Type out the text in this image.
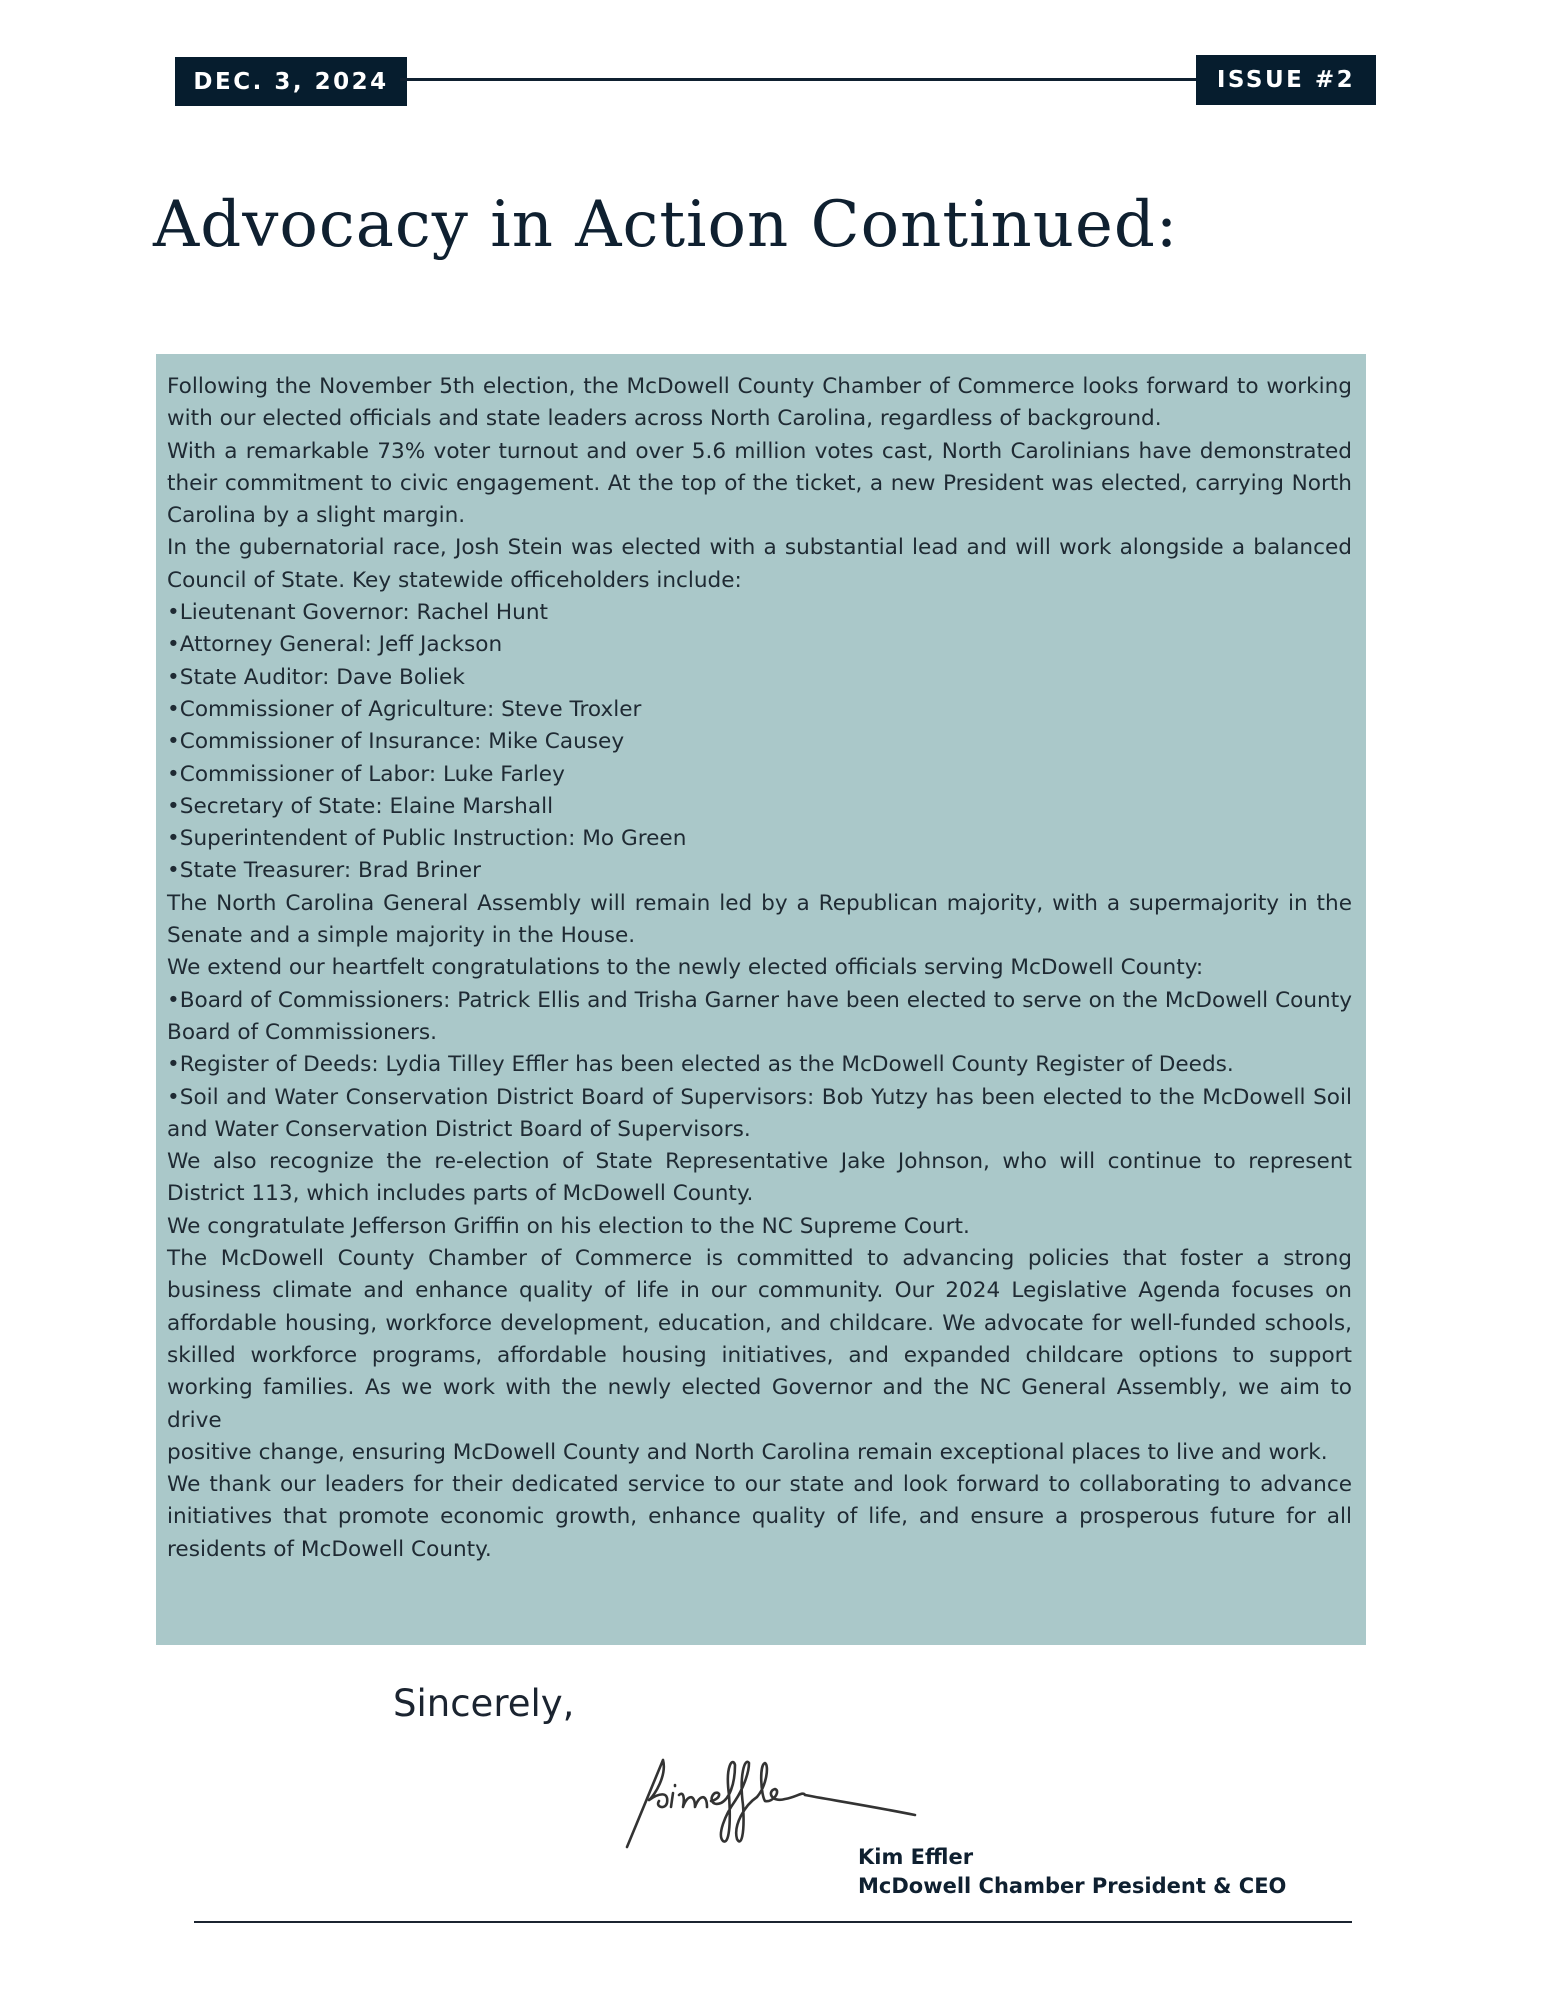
DEC. 3, 2024	ISSUE #2
Advocacy in Action Continued:

Following the November 5th election, the McDowell County Chamber of Commerce looks forward to working with our elected officials and state leaders across North Carolina, regardless of background.

With a remarkable 73% voter turnout and over 5.6 million votes cast, North Carolinians have demonstrated their commitment to civic engagement. At the top of the ticket, a new President was elected, carrying North Carolina by a slight margin.

In the gubernatorial race, Josh Stein was elected with a substantial lead and will work alongside a balanced Council of State. Key statewide officeholders include:

•Lieutenant Governor: Rachel Hunt

•Attorney General: Jeff Jackson

•State Auditor: Dave Boliek

•Commissioner of Agriculture: Steve Troxler

•Commissioner of Insurance: Mike Causey

•Commissioner of Labor: Luke Farley

•Secretary of State: Elaine Marshall

•Superintendent of Public Instruction: Mo Green

•State Treasurer: Brad Briner

The North Carolina General Assembly will remain led by a Republican majority, with a supermajority in the Senate and a simple majority in the House.

We extend our heartfelt congratulations to the newly elected officials serving McDowell County:

•Board of Commissioners: Patrick Ellis and Trisha Garner have been elected to serve on the McDowell County Board of Commissioners.

•Register of Deeds: Lydia Tilley Effler has been elected as the McDowell County Register of Deeds.

•Soil and Water Conservation District Board of Supervisors: Bob Yutzy has been elected to the McDowell Soil and Water Conservation District Board of Supervisors.

We also recognize the re-election of State Representative Jake Johnson, who will continue to represent District 113, which includes parts of McDowell County.

We congratulate Jefferson Griffin on his election to the NC Supreme Court.

The McDowell County Chamber of Commerce is committed to advancing policies that foster a strong business climate and enhance quality of life in our community. Our 2024 Legislative Agenda focuses on affordable housing, workforce development, education, and childcare. We advocate for well-funded schools, skilled workforce programs, affordable housing initiatives, and expanded childcare options to support working families. As we work with the newly elected Governor and the NC General Assembly, we aim to drive

positive change, ensuring McDowell County and North Carolina remain exceptional places to live and work.

We thank our leaders for their dedicated service to our state and look forward to collaborating to advance initiatives that promote economic growth, enhance quality of life, and ensure a prosperous future for all residents of McDowell County.

Sincerely,
Kim Effler
McDowell Chamber President & CEO
